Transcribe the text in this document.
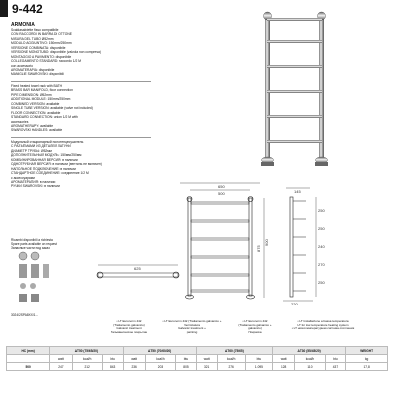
9-442
ARMONIA
Scaldasalviette fisso compatibile
CON RACCORDI IN BARRA DI OTTONE
MISURA DEL TUBO Ø52mm
MODULO AGGIUNTIVO: 150mm/250mm
VERSIONE COMBINATA: disponibile
VERSIONE MONOTUBO: disponibile (valvola non compresa)
MONTAGGIO A PAVIMENTO: disponibile
COLLEGAMENTO STANDARD: raccordo 1/2 M
con accessorio
AROMATERAPIA: disponibile
MANIGLIE SWAROVSKI: disponibili
Fixed heated towel rack with BATH
BRASS BAR MANIFOLD, floor connection
PIPE DIMENSION: Ø52mm
ADDITIONAL MODULE: 150mm/250mm
COMBINED VERSION: available
SINGLE TUBE VERSION: available (valve not included)
FLOOR CONNECTION: available
STANDARD CONNECTION: union 1/2 M with
accessories
AROMATHERAPY: available
SWAROVSKI HANDLES: available
Модульный стационарный полотенцесушитель
С РАЗЪЁМАМИ ИЗ ДЕТАЛЕЙ ЛАТУНИ
ДИАМЕТР ТРУБЫ: Ø52мм
ДОПОЛНИТЕЛЬНЫЙ МОДУЛЬ: 150мм/250мм
КОМБИНИРОВАННАЯ ВЕРСИЯ: в наличии
ОДНОТРУБНАЯ ВЕРСИЯ: в наличии (вентиль не включен)
НАПОЛЬНОЕ ПОДКЛЮЧЕНИЕ: в наличии
СТАНДАРТНОЕ СОЕДИНЕНИЕ: соединение 1/2 M
с аксессуарами
АРОМАТЕРАПИЯ: в наличии
РУЧКИ SWAROVSKI: в наличии	650
500
875
900
145
250
250
240
270
250
220
Ricambi disponibili a richiesta
Spare parts available on request
Запасные части под заказ
625
3024/2SPA8XX/1...
• LT Euronorm 442
(Trattamento galvanico)
Galvanic treatment
Гальваническое покрытие
• LT Euronorm 442 (Trattamento galvanico +
Verniciatura
Galvanic treatment +
painting
• LT Euronorm 442
(Trattamento galvanico +
galvanico)
Покраска
• LT Installazione a bassa temperatura
LT for low temperature heating system
• LT низкотемпературная система отопления
HC (mm)	ΔT50 (75/65/20)			ΔT50 (70/60/20)			ΔT60 (75/65)			ΔT30 (55/45/20)			WEIGHT
	watt	kcal/h	btu	watt	kcal/h	btu	watt	kcal/h	btu	watt	kcal/h	btu	kg
500	247	212	843	236	203	805	321	276	1.095	128	110	437	17,8
